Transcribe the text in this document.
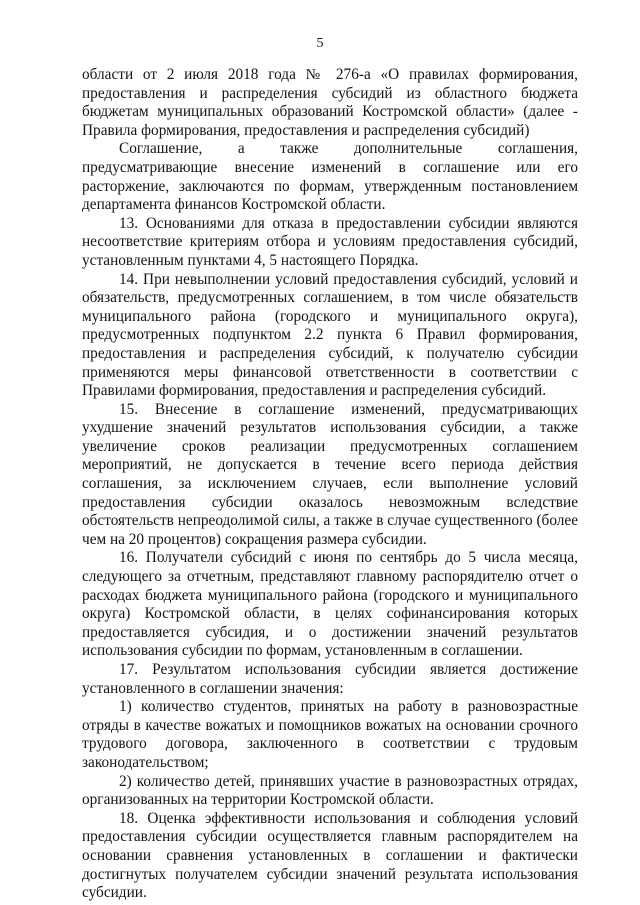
5

области от 2 июля 2018 года № 276-а «О правилах формирования, предоставления и распределения субсидий из областного бюджета бюджетам муниципальных образований Костромской области» (далее - Правила формирования, предоставления и распределения субсидий)

Соглашение, а также дополнительные соглашения, предусматривающие внесение изменений в соглашение или его расторжение, заключаются по формам, утвержденным постановлением департамента финансов Костромской области.

13. Основаниями для отказа в предоставлении субсидии являются несоответствие критериям отбора и условиям предоставления субсидий, установленным пунктами 4, 5 настоящего Порядка.

14. При невыполнении условий предоставления субсидий, условий и обязательств, предусмотренных соглашением, в том числе обязательств муниципального района (городского и муниципального округа), предусмотренных подпунктом 2.2 пункта 6 Правил формирования, предоставления и распределения субсидий, к получателю субсидии применяются меры финансовой ответственности в соответствии с Правилами формирования, предоставления и распределения субсидий.

15. Внесение в соглашение изменений, предусматривающих ухудшение значений результатов использования субсидии, а также увеличение сроков реализации предусмотренных соглашением мероприятий, не допускается в течение всего периода действия соглашения, за исключением случаев, если выполнение условий предоставления субсидии оказалось невозможным вследствие обстоятельств непреодолимой силы, а также в случае существенного (более чем на 20 процентов) сокращения размера субсидии.

16. Получатели субсидий с июня по сентябрь до 5 числа месяца, следующего за отчетным, представляют главному распорядителю отчет о расходах бюджета муниципального района (городского и муниципального округа) Костромской области, в целях софинансирования которых предоставляется субсидия, и о достижении значений результатов использования субсидии по формам, установленным в соглашении.

17. Результатом использования субсидии является достижение установленного в соглашении значения:

1) количество студентов, принятых на работу в разновозрастные отряды в качестве вожатых и помощников вожатых на основании срочного трудового договора, заключенного в соответствии с трудовым законодательством;

2) количество детей, принявших участие в разновозрастных отрядах, организованных на территории Костромской области.

18. Оценка эффективности использования и соблюдения условий предоставления субсидии осуществляется главным распорядителем на основании сравнения установленных в соглашении и фактически достигнутых получателем субсидии значений результата использования субсидии.
